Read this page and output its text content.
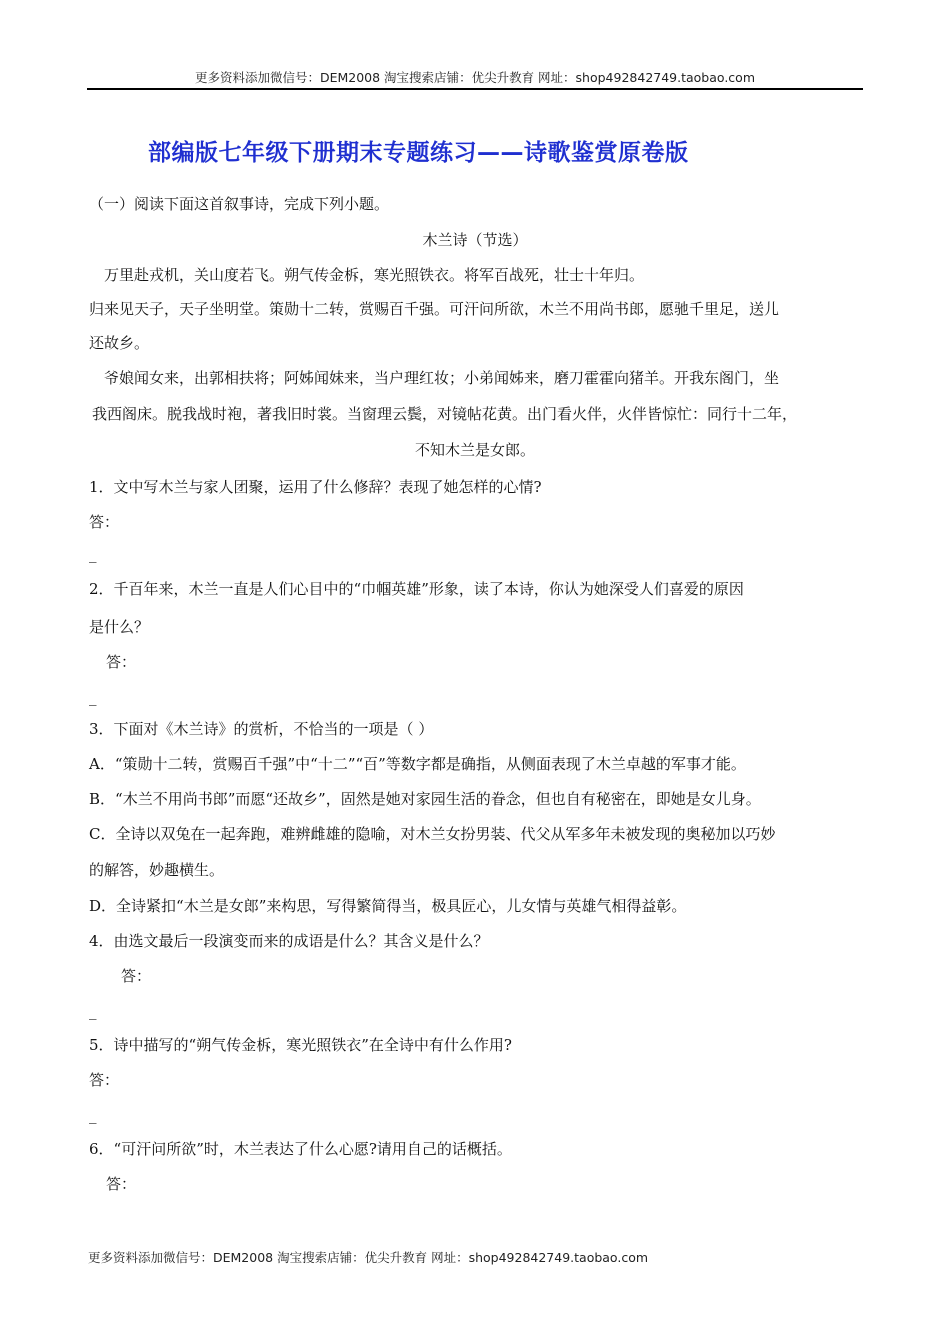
更多资料添加微信号：DEM2008 淘宝搜索店铺：优尖升教育 网址：shop492842749.taobao.com
部编版七年级下册期末专题练习——诗歌鉴赏原卷版
（一）阅读下面这首叙事诗，完成下列小题。
木兰诗（节选）
万里赴戎机，关山度若飞。朔气传金柝，寒光照铁衣。将军百战死，壮士十年归。
归来见天子，天子坐明堂。策勋十二转，赏赐百千强。可汗问所欲，木兰不用尚书郎，愿驰千里足，送儿
还故乡。
爷娘闻女来，出郭相扶将；阿姊闻妹来，当户理红妆；小弟闻姊来，磨刀霍霍向猪羊。开我东阁门，坐
我西阁床。脱我战时袍，著我旧时裳。当窗理云鬓，对镜帖花黄。出门看火伴，火伴皆惊忙：同行十二年，
不知木兰是女郎。
1．文中写木兰与家人团聚，运用了什么修辞？表现了她怎样的心情?
答：
_
2．千百年来，木兰一直是人们心目中的“巾帼英雄”形象，读了本诗，你认为她深受人们喜爱的原因
是什么？
答：
_
3．下面对《木兰诗》的赏析，不恰当的一项是（ ）
A．“策勋十二转，赏赐百千强”中“十二”“百”等数字都是确指，从侧面表现了木兰卓越的军事才能。
B．“木兰不用尚书郎”而愿“还故乡”，固然是她对家园生活的眷念，但也自有秘密在，即她是女儿身。
C．全诗以双兔在一起奔跑，难辨雌雄的隐喻，对木兰女扮男装、代父从军多年未被发现的奥秘加以巧妙
的解答，妙趣横生。
D．全诗紧扣“木兰是女郎”来构思，写得繁简得当，极具匠心，儿女情与英雄气相得益彰。
4．由选文最后一段演变而来的成语是什么？其含义是什么？
答：
_
5．诗中描写的“朔气传金柝，寒光照铁衣”在全诗中有什么作用?
答：
_
6．“可汗问所欲”时，木兰表达了什么心愿?请用自己的话概括。
答：
更多资料添加微信号：DEM2008 淘宝搜索店铺：优尖升教育 网址：shop492842749.taobao.com
